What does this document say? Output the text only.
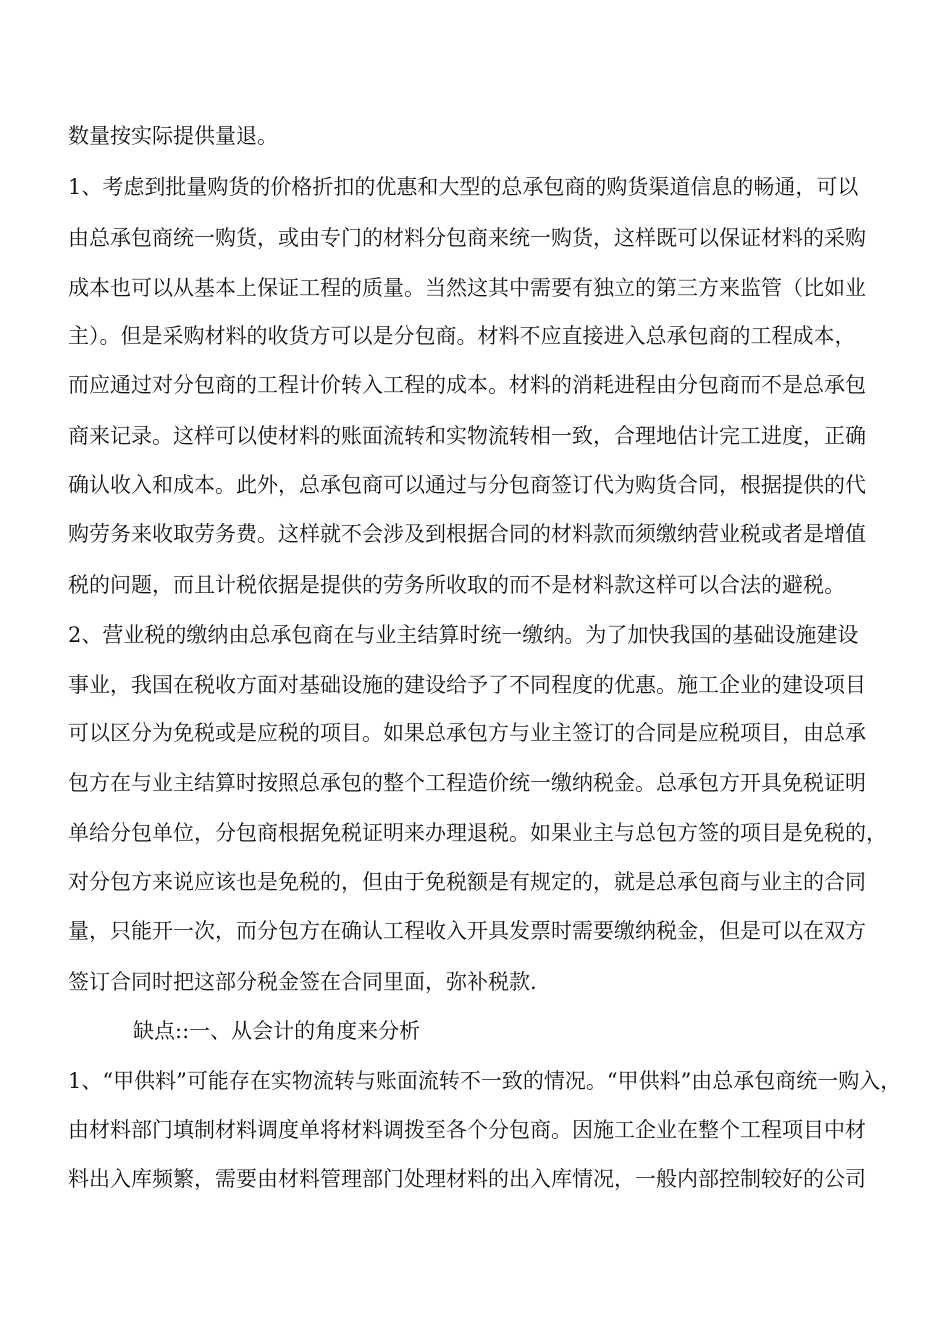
数量按实际提供量退。
1、考虑到批量购货的价格折扣的优惠和大型的总承包商的购货渠道信息的畅通，可以
由总承包商统一购货，或由专门的材料分包商来统一购货，这样既可以保证材料的采购
成本也可以从基本上保证工程的质量。当然这其中需要有独立的第三方来监管（比如业
主）。但是采购材料的收货方可以是分包商。材料不应直接进入总承包商的工程成本，
而应通过对分包商的工程计价转入工程的成本。材料的消耗进程由分包商而不是总承包
商来记录。这样可以使材料的账面流转和实物流转相一致，合理地估计完工进度，正确
确认收入和成本。此外，总承包商可以通过与分包商签订代为购货合同，根据提供的代
购劳务来收取劳务费。这样就不会涉及到根据合同的材料款而须缴纳营业税或者是增值
税的问题，而且计税依据是提供的劳务所收取的而不是材料款这样可以合法的避税。
2、营业税的缴纳由总承包商在与业主结算时统一缴纳。为了加快我国的基础设施建设
事业，我国在税收方面对基础设施的建设给予了不同程度的优惠。施工企业的建设项目
可以区分为免税或是应税的项目。如果总承包方与业主签订的合同是应税项目，由总承
包方在与业主结算时按照总承包的整个工程造价统一缴纳税金。总承包方开具免税证明
单给分包单位，分包商根据免税证明来办理退税。如果业主与总包方签的项目是免税的，
对分包方来说应该也是免税的，但由于免税额是有规定的，就是总承包商与业主的合同
量，只能开一次，而分包方在确认工程收入开具发票时需要缴纳税金，但是可以在双方
签订合同时把这部分税金签在合同里面，弥补税款.
缺点::一、从会计的角度来分析
1、“甲供料”可能存在实物流转与账面流转不一致的情况。“甲供料”由总承包商统一购入，
由材料部门填制材料调度单将材料调拨至各个分包商。因施工企业在整个工程项目中材
料出入库频繁，需要由材料管理部门处理材料的出入库情况，一般内部控制较好的公司
